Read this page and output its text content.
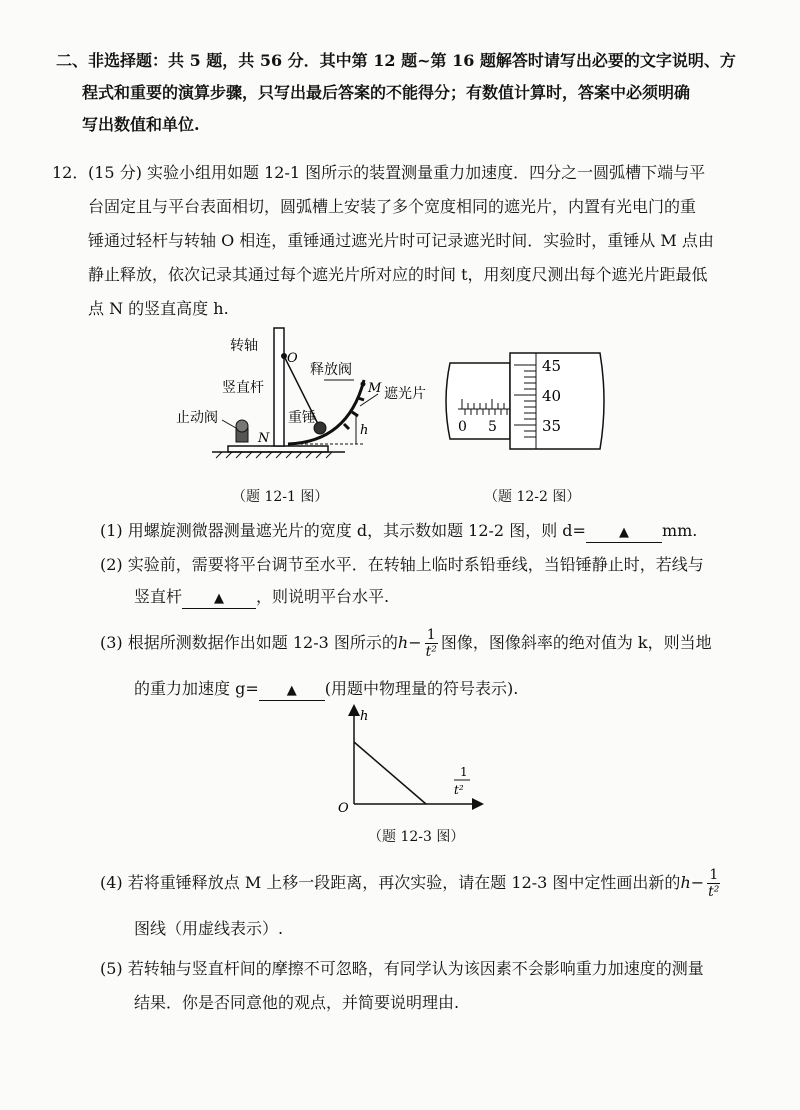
二、非选择题：共 5 题，共 56 分．其中第 12 题~第 16 题解答时请写出必要的文字说明、方
程式和重要的演算步骤，只写出最后答案的不能得分；有数值计算时，答案中必须明确
写出数值和单位.
12． (15 分) 实验小组用如题 12-1 图所示的装置测量重力加速度．四分之一圆弧槽下端与平
台固定且与平台表面相切，圆弧槽上安装了多个宽度相同的遮光片，内置有光电门的重
锤通过轻杆与转轴 O 相连，重锤通过遮光片时可记录遮光时间．实验时，重锤从 M 点由
静止释放，依次记录其通过每个遮光片所对应的时间 t，用刻度尺测出每个遮光片距最低
点 N 的竖直高度 h.
h
转轴
O
释放阀
M 遮光片
竖直杆
止动阀	重锤
N
（题 12-1 图）
45
40
35
0 5
（题 12-2 图）
(1) 用螺旋测微器测量遮光片的宽度 d，其示数如题 12-2 图，则 d=	▲ mm.
(2) 实验前，需要将平台调节至水平．在转轴上临时系铅垂线，当铅锤静止时，若线与
竖直杆 ▲ ，则说明平台水平.
(3) 根据所测数据作出如题 12-3 图所示的$h- \frac{1}{\text{t²}}$ 图像，图像斜率的绝对值为 k，则当地
的重力加速度 g= ▲ (用题中物理量的符号表示).
h
1
t²
O
（题 12-3 图）
(4) 若将重锤释放点 M 上移一段距离，再次实验，请在题 12-3 图中定性画出新的$h- \frac{1}{\text{t²}}$
图线（用虚线表示）.
(5) 若转轴与竖直杆间的摩擦不可忽略，有同学认为该因素不会影响重力加速度的测量
结果．你是否同意他的观点，并简要说明理由.
